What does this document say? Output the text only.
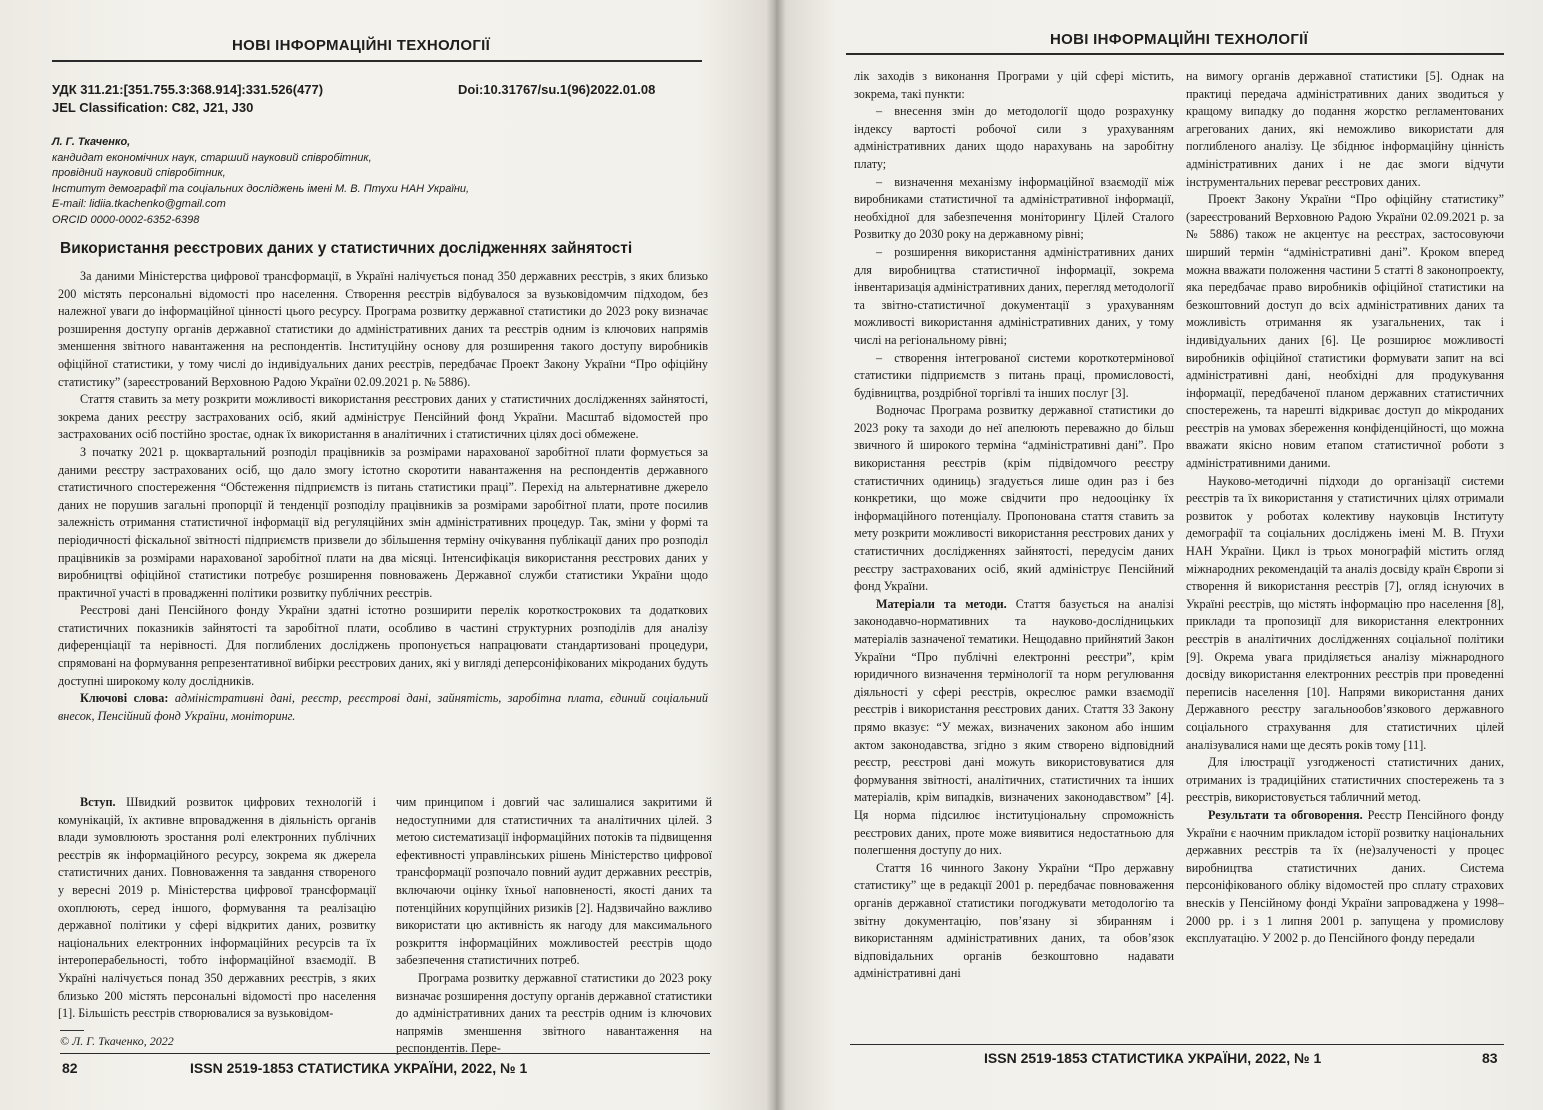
НОВІ ІНФОРМАЦІЙНІ ТЕХНОЛОГІЇ
УДК 311.21:[351.755.3:368.914]:331.526(477)	Doi:10.31767/su.1(96)2022.01.08
JEL Classification: C82, J21, J30
Л. Г. Ткаченко,
кандидат економічних наук, старший науковий співробітник,
провідний науковий співробітник,
Інститут демографії та соціальних досліджень імені М. В. Птухи НАН України,
E-mail: lidiia.tkachenko@gmail.com
ORCID 0000-0002-6352-6398
Використання реєстрових даних у статистичних дослідженнях зайнятості

За даними Міністерства цифрової трансформації, в Україні налічується понад 350 державних реєстрів, з яких близько 200 містять персональні відомості про населення. Створення реєстрів відбувалося за вузьковідомчим підходом, без належної уваги до інформаційної цінності цього ресурсу. Програма розвитку державної статистики до 2023 року визначає розширення доступу органів державної статистики до адміністративних даних та реєстрів одним із ключових напрямів зменшення звітного навантаження на респондентів. Інституційну основу для розширення такого доступу виробників офіційної статистики, у тому числі до індивідуальних даних реєстрів, передбачає Проект Закону України “Про офіційну статистику” (зареєстрований Верховною Радою України 02.09.2021 р. № 5886).

Стаття ставить за мету розкрити можливості використання реєстрових даних у статистичних дослідженнях зайнятості, зокрема даних реєстру застрахованих осіб, який адмініструє Пенсійний фонд України. Масштаб відомостей про застрахованих осіб постійно зростає, однак їх використання в аналітичних і статистичних цілях досі обмежене.

З початку 2021 р. щоквартальний розподіл працівників за розмірами нарахованої заробітної плати формується за даними реєстру застрахованих осіб, що дало змогу істотно скоротити навантаження на респондентів державного статистичного спостереження “Обстеження підприємств із питань статистики праці”. Перехід на альтернативне джерело даних не порушив загальні пропорції й тенденції розподілу працівників за розмірами заробітної плати, проте посилив залежність отримання статистичної інформації від регуляційних змін адміністративних процедур. Так, зміни у формі та періодичності фіскальної звітності підприємств призвели до збільшення терміну очікування публікації даних про розподіл працівників за розмірами нарахованої заробітної плати на два місяці. Інтенсифікація використання реєстрових даних у виробництві офіційної статистики потребує розширення повноважень Державної служби статистики України щодо практичної участі в провадженні політики розвитку публічних реєстрів.

Реєстрові дані Пенсійного фонду України здатні істотно розширити перелік короткострокових та додаткових статистичних показників зайнятості та заробітної плати, особливо в частині структурних розподілів для аналізу диференціації та нерівності. Для поглиблених досліджень пропонується напрацювати стандартизовані процедури, спрямовані на формування репрезентативної вибірки реєстрових даних, які у вигляді деперсоніфікованих мікроданих будуть доступні широкому колу дослідників.

Ключові слова: адміністративні дані, реєстр, реєстрові дані, зайнятість, заробітна плата, єдиний соціальний внесок, Пенсійний фонд України, моніторинг.

Вступ. Швидкий розвиток цифрових технологій і комунікацій, їх активне впровадження в діяльність органів влади зумовлюють зростання ролі електронних публічних реєстрів як інформаційного ресурсу, зокрема як джерела статистичних даних. Повноваження та завдання створеного у вересні 2019 р. Міністерства цифрової трансформації охоплюють, серед іншого, формування та реалізацію державної політики у сфері відкритих даних, розвитку національних електронних інформаційних ресурсів та їх інтероперабельності, тобто інформаційної взаємодії. В Україні налічується понад 350 державних реєстрів, з яких близько 200 містять персональні відомості про населення [1]. Більшість реєстрів створювалися за вузьковідом-

чим принципом і довгий час залишалися закритими й недоступними для статистичних та аналітичних цілей. З метою систематизації інформаційних потоків та підвищення ефективності управлінських рішень Міністерство цифрової трансформації розпочало повний аудит державних реєстрів, включаючи оцінку їхньої наповненості, якості даних та потенційних корупційних ризиків [2]. Надзвичайно важливо використати цю активність як нагоду для максимального розкриття інформаційних можливостей реєстрів щодо забезпечення статистичних потреб.

Програма розвитку державної статистики до 2023 року визначає розширення доступу органів державної статистики до адміністративних даних та реєстрів одним із ключових напрямів зменшення звітного навантаження на респондентів. Пере-

© Л. Г. Ткаченко, 2022
82	ISSN 2519-1853 СТАТИСТИКА УКРАЇНИ, 2022, № 1
НОВІ ІНФОРМАЦІЙНІ ТЕХНОЛОГІЇ

лік заходів з виконання Програми у цій сфері містить, зокрема, такі пункти:

– внесення змін до методології щодо розрахунку індексу вартості робочої сили з урахуванням адміністративних даних щодо нарахувань на заробітну плату;

– визначення механізму інформаційної взаємодії між виробниками статистичної та адміністративної інформації, необхідної для забезпечення моніторингу Цілей Сталого Розвитку до 2030 року на державному рівні;

– розширення використання адміністративних даних для виробництва статистичної інформації, зокрема інвентаризація адміністративних даних, перегляд методології та звітно-статистичної документації з урахуванням можливості використання адміністративних даних, у тому числі на регіональному рівні;

– створення інтегрованої системи короткотермінової статистики підприємств з питань праці, промисловості, будівництва, роздрібної торгівлі та інших послуг [3].

Водночас Програма розвитку державної статистики до 2023 року та заходи до неї апелюють переважно до більш звичного й широкого терміна “адміністративні дані”. Про використання реєстрів (крім підвідомчого реєстру статистичних одиниць) згадується лише один раз і без конкретики, що може свідчити про недооцінку їх інформаційного потенціалу. Пропонована стаття ставить за мету розкрити можливості використання реєстрових даних у статистичних дослідженнях зайнятості, передусім даних реєстру застрахованих осіб, який адмініструє Пенсійний фонд України.

Матеріали та методи. Стаття базується на аналізі законодавчо-нормативних та науково-дослідницьких матеріалів зазначеної тематики. Нещодавно прийнятий Закон України “Про публічні електронні реєстри”, крім юридичного визначення термінології та норм регулювання діяльності у сфері реєстрів, окреслює рамки взаємодії реєстрів і використання реєстрових даних. Стаття 33 Закону прямо вказує: “У межах, визначених законом або іншим актом законодавства, згідно з яким створено відповідний реєстр, реєстрові дані можуть використовуватися для формування звітності, аналітичних, статистичних та інших матеріалів, крім випадків, визначених законодавством” [4]. Ця норма підсилює інституціональну спроможність реєстрових даних, проте може виявитися недостатньою для полегшення доступу до них.

Стаття 16 чинного Закону України “Про державну статистику” ще в редакції 2001 р. передбачає повноваження органів державної статистики погоджувати методологію та звітну документацію, пов’язану зі збиранням і використанням адміністративних даних, та обов’язок відповідальних органів безкоштовно надавати адміністративні дані

на вимогу органів державної статистики [5]. Однак на практиці передача адміністративних даних зводиться у кращому випадку до подання жорстко регламентованих агрегованих даних, які неможливо використати для поглибленого аналізу. Це збіднює інформаційну цінність адміністративних даних і не дає змоги відчути інструментальних переваг реєстрових даних.

Проект Закону України “Про офіційну статистику” (зареєстрований Верховною Радою України 02.09.2021 р. за № 5886) також не акцентує на реєстрах, застосовуючи ширший термін “адміністративні дані”. Кроком вперед можна вважати положення частини 5 статті 8 законопроекту, яка передбачає право виробників офіційної статистики на безкоштовний доступ до всіх адміністративних даних та можливість отримання як узагальнених, так і індивідуальних даних [6]. Це розширює можливості виробників офіційної статистики формувати запит на всі адміністративні дані, необхідні для продукування інформації, передбаченої планом державних статистичних спостережень, та нарешті відкриває доступ до мікроданих реєстрів на умовах збереження конфіденційності, що можна вважати якісно новим етапом статистичної роботи з адміністративними даними.

Науково-методичні підходи до організації системи реєстрів та їх використання у статистичних цілях отримали розвиток у роботах колективу науковців Інституту демографії та соціальних досліджень імені М. В. Птухи НАН України. Цикл із трьох монографій містить огляд міжнародних рекомендацій та аналіз досвіду країн Європи зі створення й використання реєстрів [7], огляд існуючих в Україні реєстрів, що містять інформацію про населення [8], приклади та пропозиції для використання електронних реєстрів в аналітичних дослідженнях соціальної політики [9]. Окрема увага приділяється аналізу міжнародного досвіду використання електронних реєстрів при проведенні переписів населення [10]. Напрями використання даних Державного реєстру загальнообов’язкового державного соціального страхування для статистичних цілей аналізувалися нами ще десять років тому [11].

Для ілюстрації узгодженості статистичних даних, отриманих із традиційних статистичних спостережень та з реєстрів, використовується табличний метод.

Результати та обговорення. Реєстр Пенсійного фонду України є наочним прикладом історії розвитку національних державних реєстрів та їх (не)залученості у процес виробництва статистичних даних. Система персоніфікованого обліку відомостей про сплату страхових внесків у Пенсійному фонді України запроваджена у 1998–2000 рр. і з 1 липня 2001 р. запущена у промислову експлуатацію. У 2002 р. до Пенсійного фонду передали

ISSN 2519-1853 СТАТИСТИКА УКРАЇНИ, 2022, № 1	83
